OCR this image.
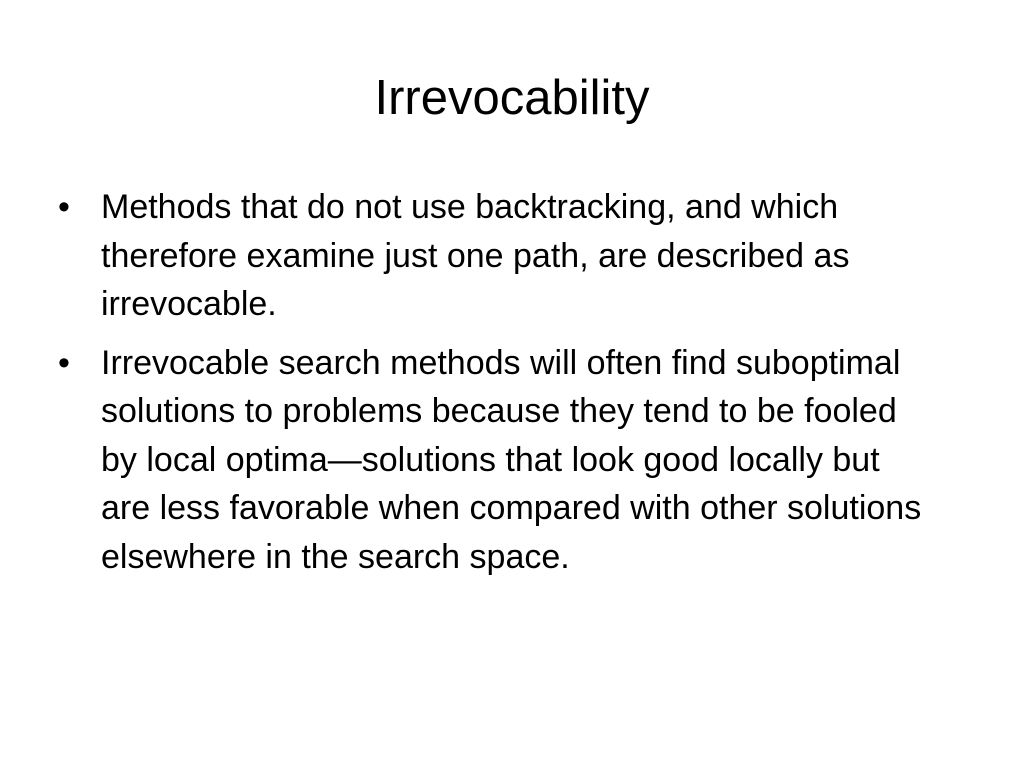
Irrevocability
• Methods that do not use backtracking, and which therefore examine just one path, are described as irrevocable.
• Irrevocable search methods will often find suboptimal solutions to problems because they tend to be fooled by local optima—solutions that look good locally but are less favorable when compared with other solutions elsewhere in the search space.
